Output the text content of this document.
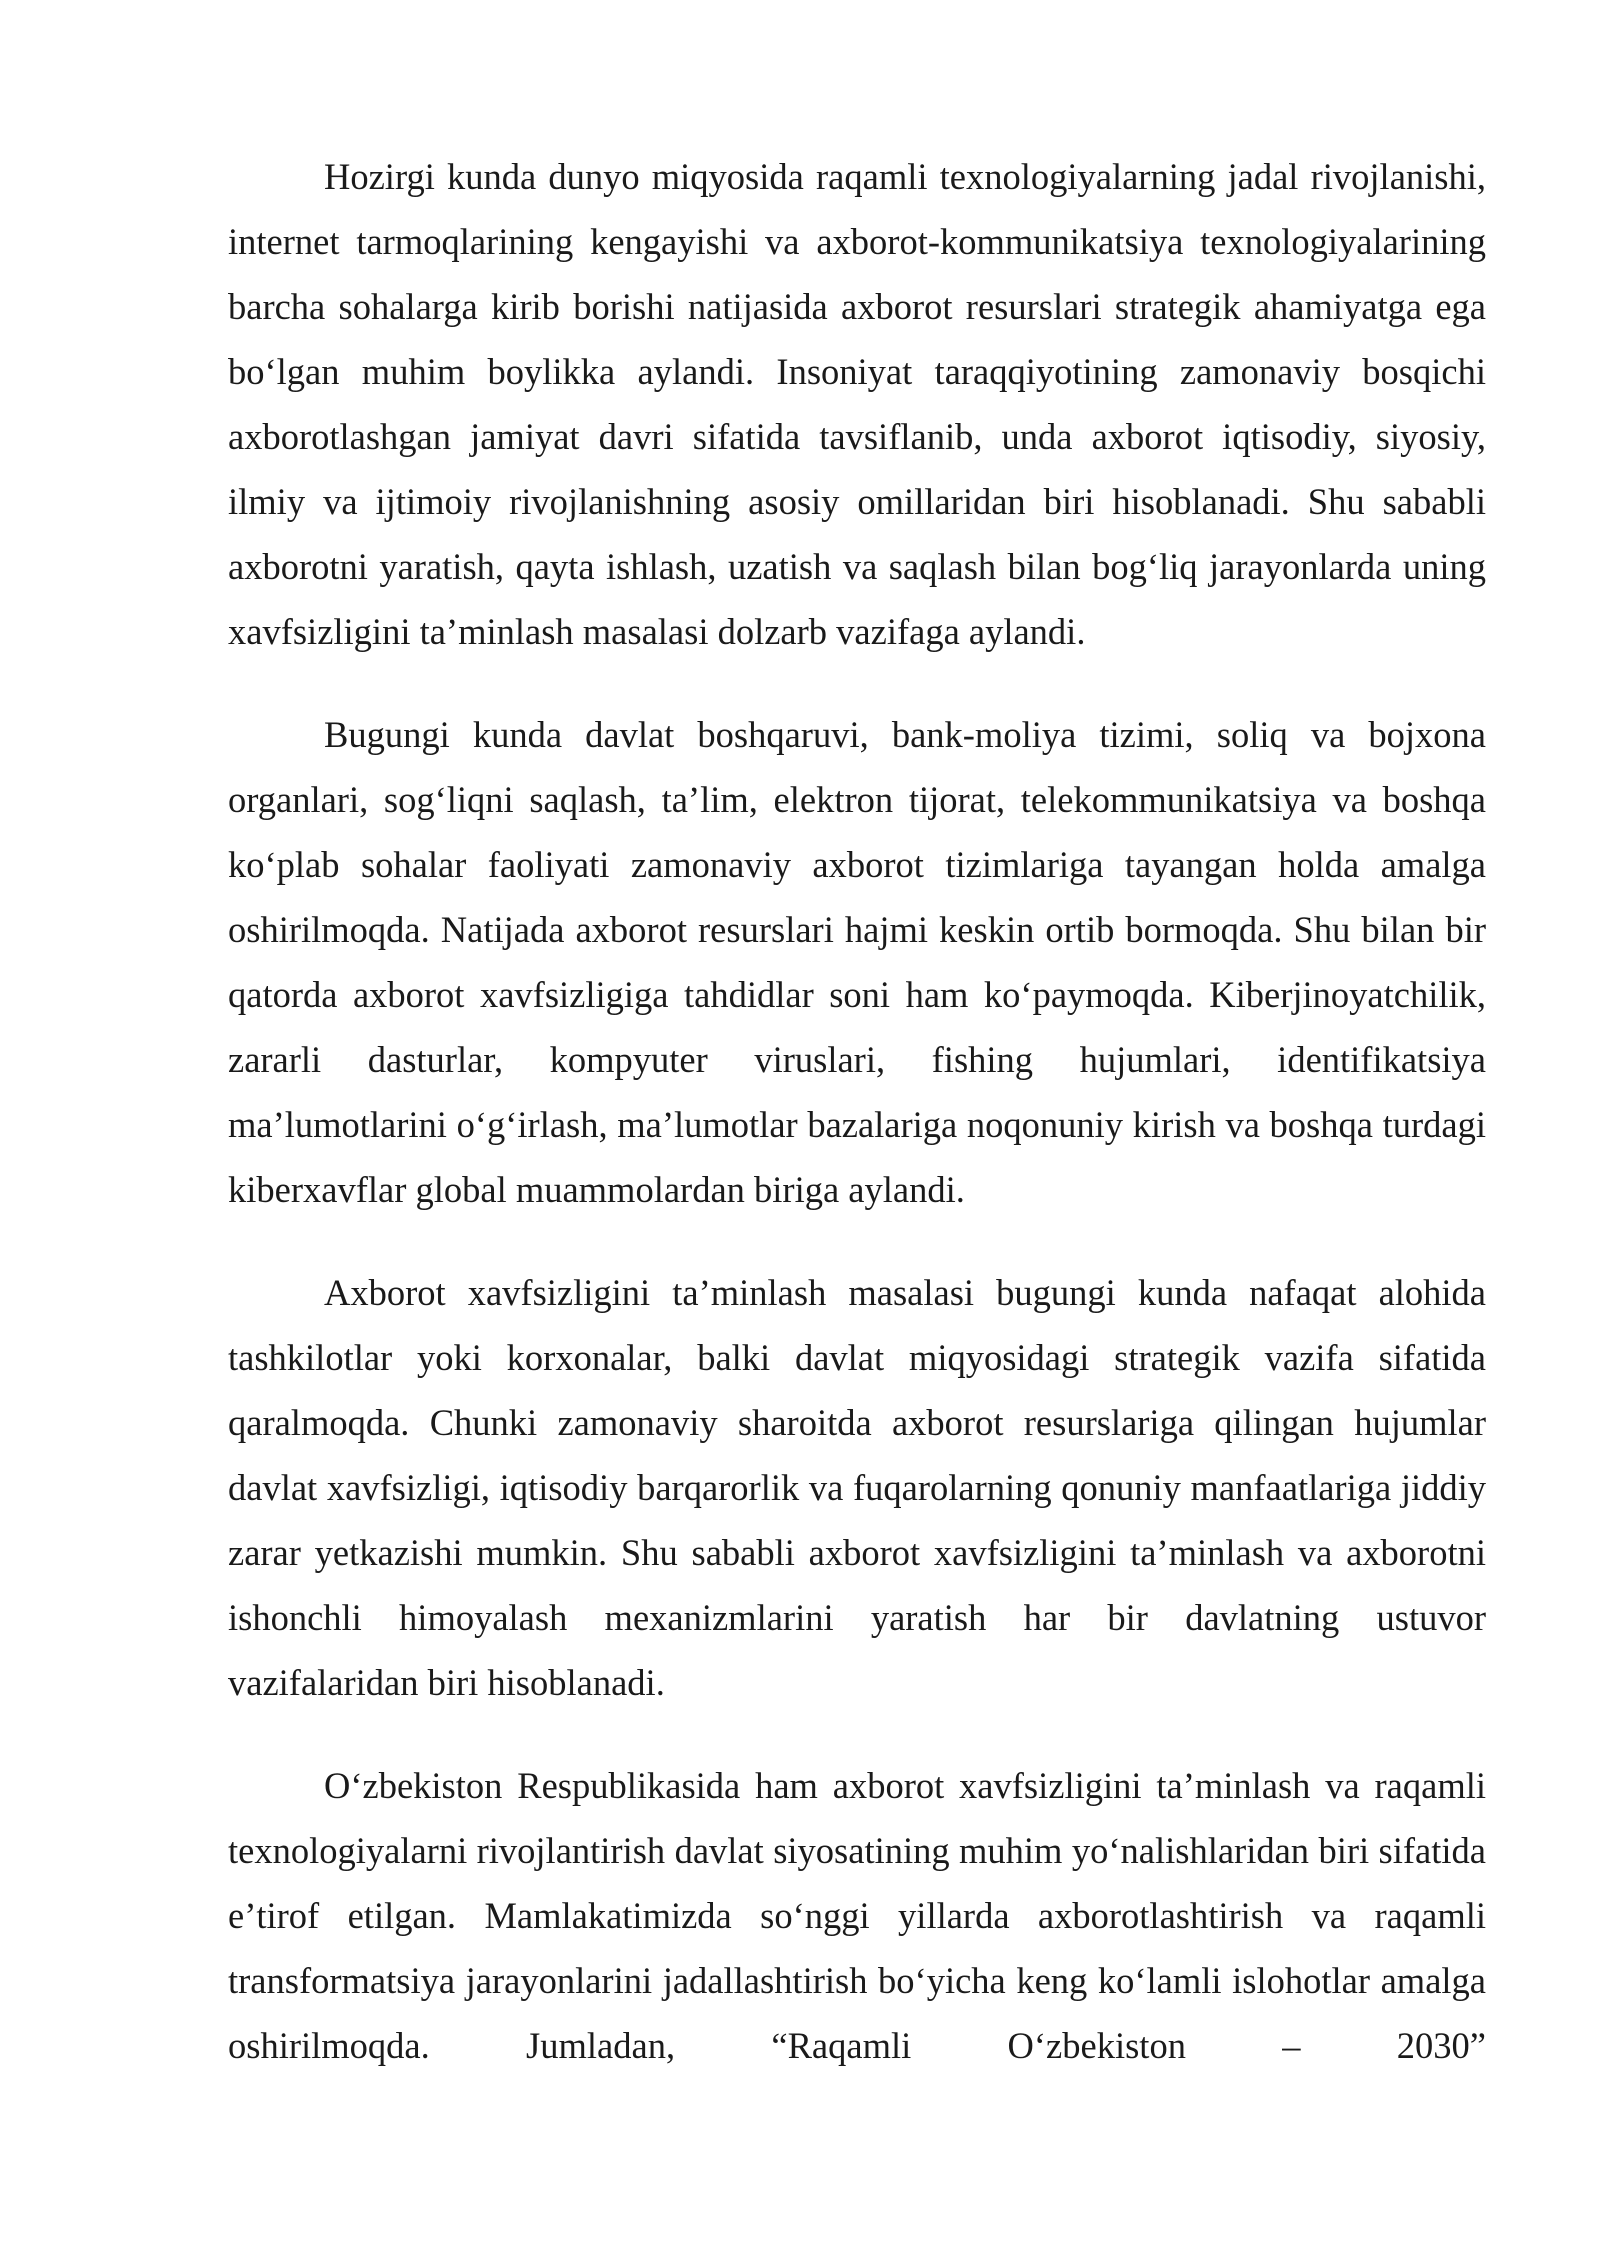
Hozirgi kunda dunyo miqyosida raqamli texnologiyalarning jadal rivojlanishi, internet tarmoqlarining kengayishi va axborot-kommunikatsiya texnologiyalarining barcha sohalarga kirib borishi natijasida axborot resurslari strategik ahamiyatga ega boʻlgan muhim boylikka aylandi. Insoniyat taraqqiyotining zamonaviy bosqichi axborotlashgan jamiyat davri sifatida tavsiflanib, unda axborot iqtisodiy, siyosiy, ilmiy va ijtimoiy rivojlanishning asosiy omillaridan biri hisoblanadi. Shu sababli axborotni yaratish, qayta ishlash, uzatish va saqlash bilan bogʻliq jarayonlarda uning xavfsizligini taʼminlash masalasi dolzarb vazifaga aylandi.

Bugungi kunda davlat boshqaruvi, bank-moliya tizimi, soliq va bojxona organlari, sogʻliqni saqlash, taʼlim, elektron tijorat, telekommunikatsiya va boshqa koʻplab sohalar faoliyati zamonaviy axborot tizimlariga tayangan holda amalga oshirilmoqda. Natijada axborot resurslari hajmi keskin ortib bormoqda. Shu bilan bir qatorda axborot xavfsizligiga tahdidlar soni ham koʻpaymoqda. Kiberjinoyatchilik, zararli dasturlar, kompyuter viruslari, fishing hujumlari, identifikatsiya maʼlumotlarini oʻgʻirlash, maʼlumotlar bazalariga noqonuniy kirish va boshqa turdagi kiberxavflar global muammolardan biriga aylandi.

Axborot xavfsizligini taʼminlash masalasi bugungi kunda nafaqat alohida tashkilotlar yoki korxonalar, balki davlat miqyosidagi strategik vazifa sifatida qaralmoqda. Chunki zamonaviy sharoitda axborot resurslariga qilingan hujumlar davlat xavfsizligi, iqtisodiy barqarorlik va fuqarolarning qonuniy manfaatlariga jiddiy zarar yetkazishi mumkin. Shu sababli axborot xavfsizligini taʼminlash va axborotni ishonchli himoyalash mexanizmlarini yaratish har bir davlatning ustuvor vazifalaridan biri hisoblanadi.

Oʻzbekiston Respublikasida ham axborot xavfsizligini taʼminlash va raqamli texnologiyalarni rivojlantirish davlat siyosatining muhim yoʻnalishlaridan biri sifatida eʼtirof etilgan. Mamlakatimizda soʻnggi yillarda axborotlashtirish va raqamli transformatsiya jarayonlarini jadallashtirish boʻyicha keng koʻlamli islohotlar amalga oshirilmoqda. Jumladan, “Raqamli Oʻzbekiston – 2030”
